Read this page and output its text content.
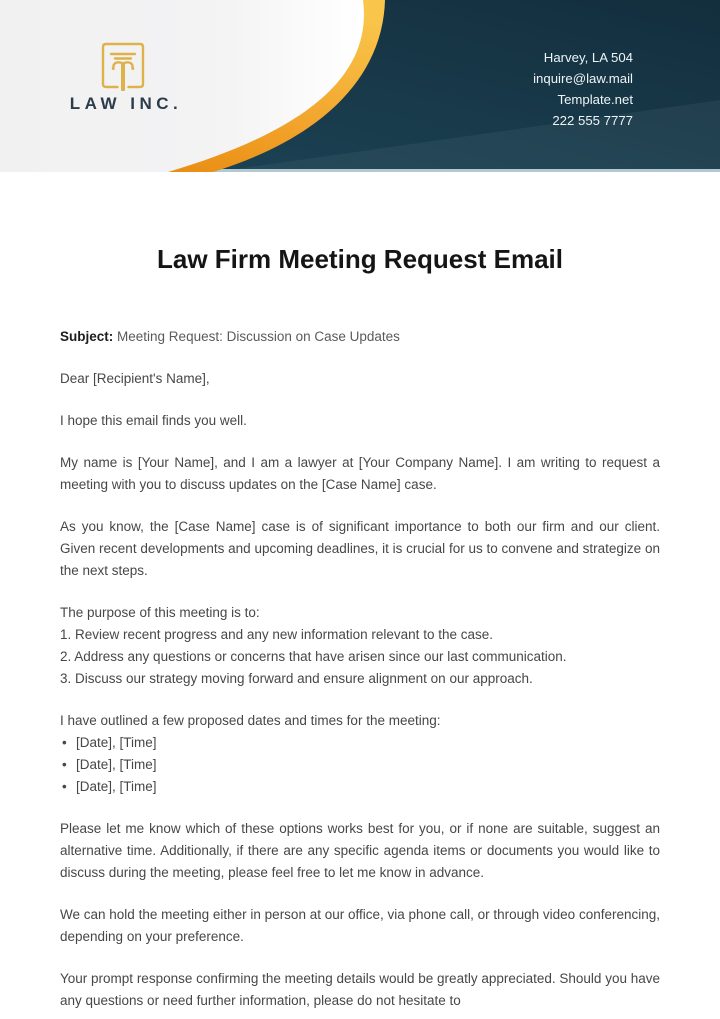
LAW INC.
Harvey, LA 504
inquire@law.mail
Template.net
222 555 7777
Law Firm Meeting Request Email

Subject: Meeting Request: Discussion on Case Updates

Dear [Recipient's Name],

I hope this email finds you well.

My name is [Your Name], and I am a lawyer at [Your Company Name]. I am writing to request a meeting with you to discuss updates on the [Case Name] case.

As you know, the [Case Name] case is of significant importance to both our firm and our client. Given recent developments and upcoming deadlines, it is crucial for us to convene and strategize on the next steps.

The purpose of this meeting is to:
1. Review recent progress and any new information relevant to the case.
2. Address any questions or concerns that have arisen since our last communication.
3. Discuss our strategy moving forward and ensure alignment on our approach.
I have outlined a few proposed dates and times for the meeting:
• [Date], [Time]
• [Date], [Time]
• [Date], [Time]

Please let me know which of these options works best for you, or if none are suitable, suggest an alternative time. Additionally, if there are any specific agenda items or documents you would like to discuss during the meeting, please feel free to let me know in advance.

We can hold the meeting either in person at our office, via phone call, or through video conferencing, depending on your preference.

Your prompt response confirming the meeting details would be greatly appreciated. Should you have any questions or need further information, please do not hesitate to
